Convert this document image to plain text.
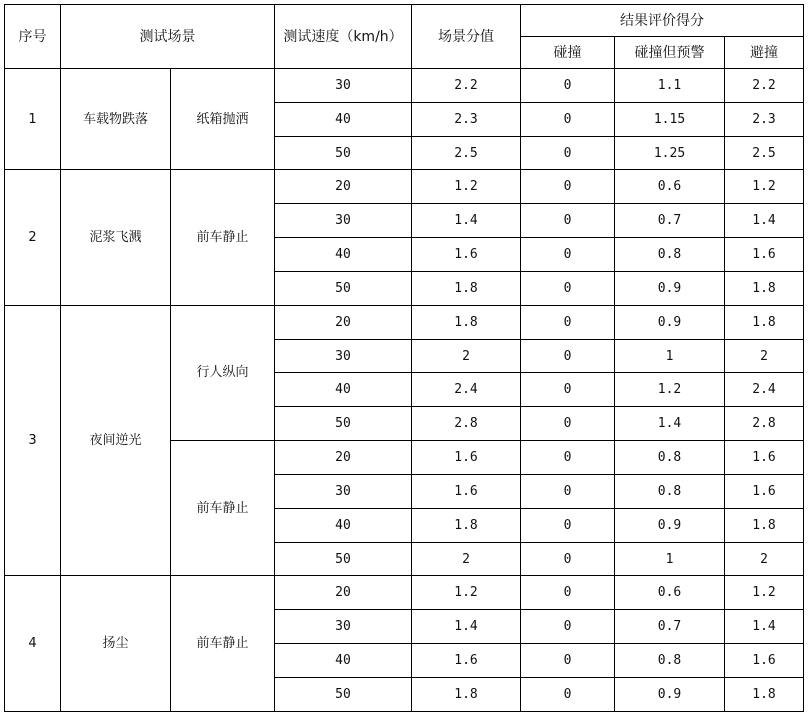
序号	测试场景		测试速度（km/h）	场景分值	结果评价得分		
					碰撞	碰撞但预警	避撞
1	车载物跌落	纸箱抛洒	30	2.2	0	1.1	2.2
			40	2.3	0	1.15	2.3
			50	2.5	0	1.25	2.5
2	泥浆飞溅	前车静止	20	1.2	0	0.6	1.2
			30	1.4	0	0.7	1.4
			40	1.6	0	0.8	1.6
			50	1.8	0	0.9	1.8
3	夜间逆光	行人纵向	20	1.8	0	0.9	1.8
			30	2	0	1	2
			40	2.4	0	1.2	2.4
			50	2.8	0	1.4	2.8
		前车静止	20	1.6	0	0.8	1.6
			30	1.6	0	0.8	1.6
			40	1.8	0	0.9	1.8
			50	2	0	1	2
4	扬尘	前车静止	20	1.2	0	0.6	1.2
			30	1.4	0	0.7	1.4
			40	1.6	0	0.8	1.6
			50	1.8	0	0.9	1.8
